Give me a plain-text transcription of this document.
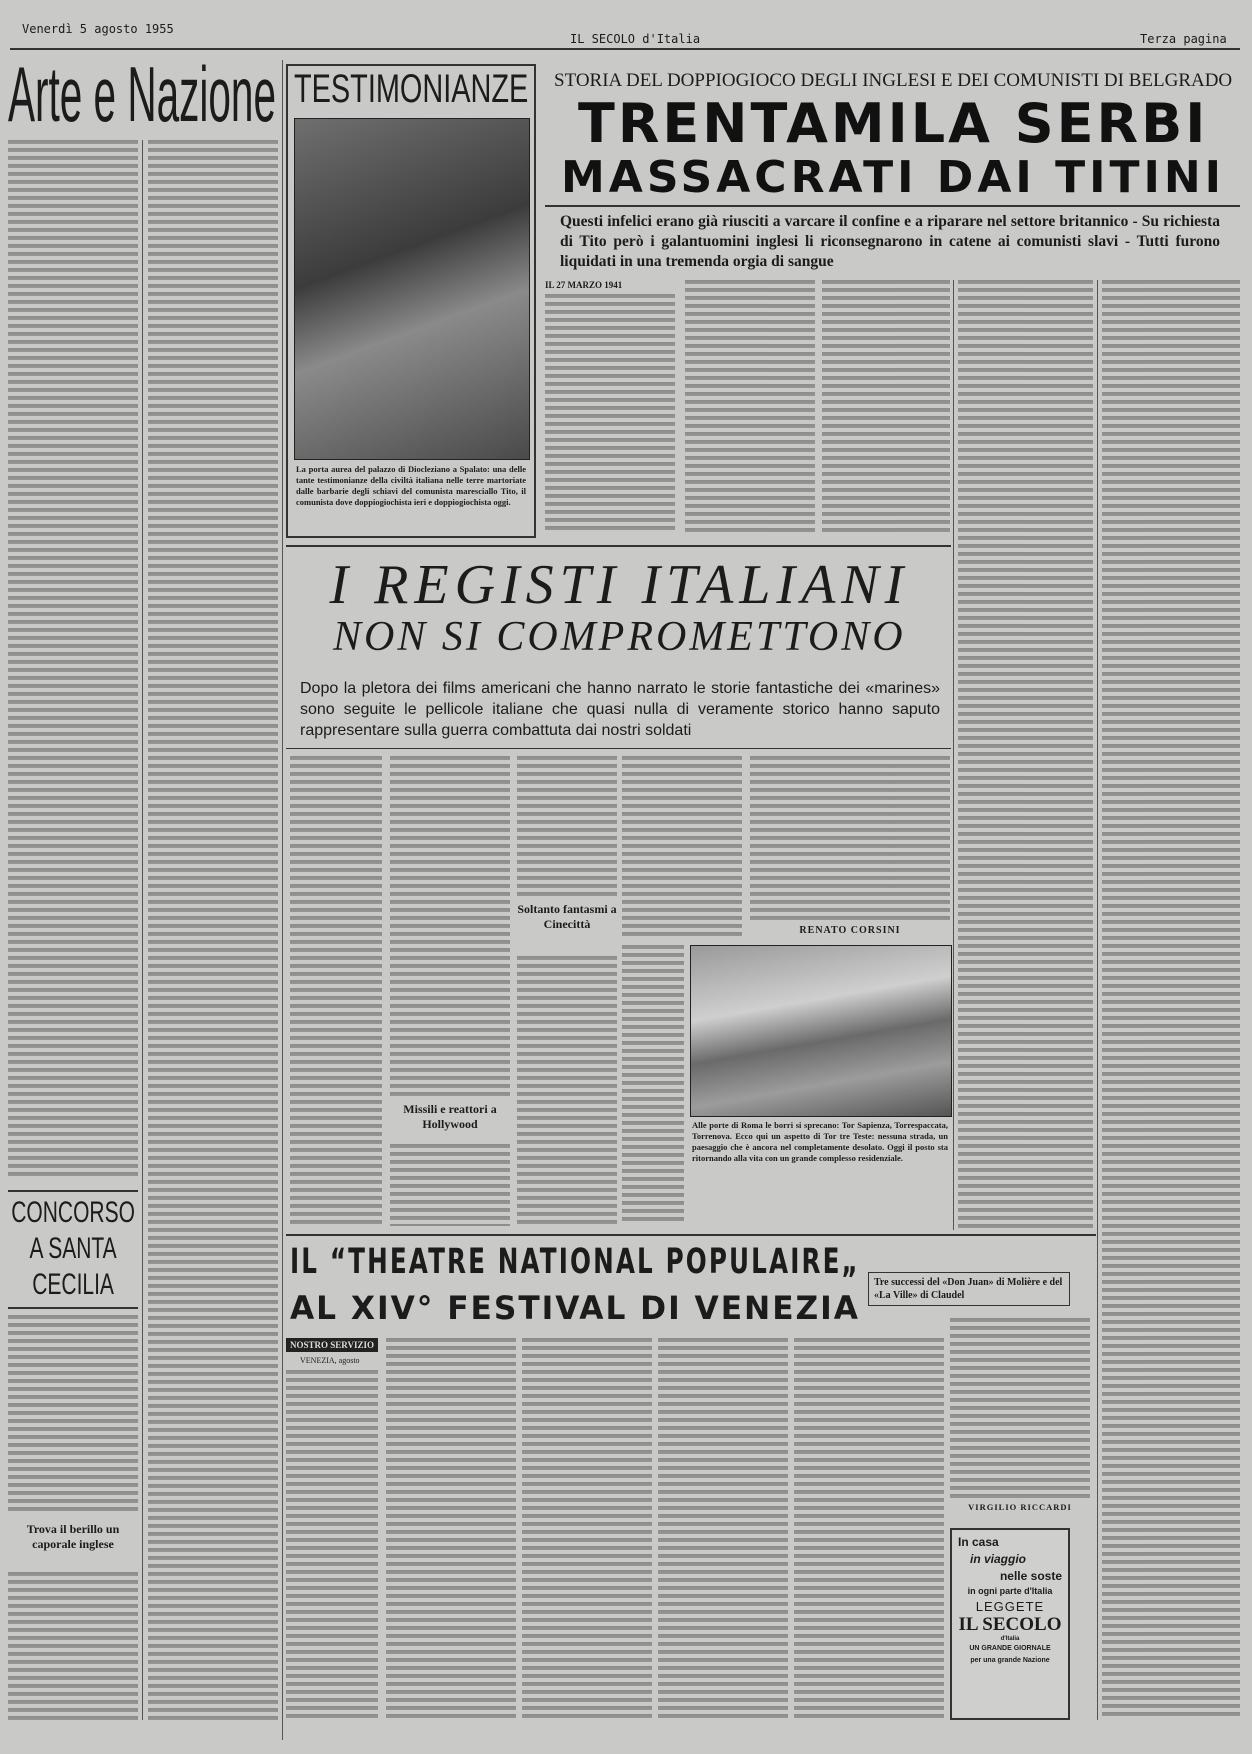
Venerdì 5 agosto 1955
IL SECOLO d'Italia	Terza pagina
Arte e Nazione
CONCORSO A SANTA CECILIA
Trova il berillo un caporale inglese
TESTIMONIANZE
La porta aurea del palazzo di Diocleziano a Spalato: una delle tante testimonianze della civiltà italiana nelle terre martoriate dalle barbarie degli schiavi del comunista maresciallo Tito, il comunista dove doppiogiochista ieri e doppiogiochista oggi.
STORIA DEL DOPPIOGIOCO DEGLI INGLESI E DEI COMUNISTI DI BELGRADO
TRENTAMILA SERBI
MASSACRATI DAI TITINI
Questi infelici erano già riusciti a varcare il confine e a riparare nel settore britannico - Su richiesta di Tito però i galantuomini inglesi li riconsegnarono in catene ai comunisti slavi - Tutti furono liquidati in una tremenda orgia di sangue
IL 27 MARZO 1941
I REGISTI ITALIANI
NON SI COMPROMETTONO
Dopo la pletora dei films americani che hanno narrato le storie fantastiche dei «marines» sono seguite le pellicole italiane che quasi nulla di veramente storico hanno saputo rappresentare sulla guerra combattuta dai nostri soldati
Missili e reattori a Hollywood
Soltanto fantasmi a Cinecittà	RENATO CORSINI
Alle porte di Roma le borri si sprecano: Tor Sapienza, Torrespaccata, Torrenova. Ecco qui un aspetto di Tor tre Teste: nessuna strada, un paesaggio che è ancora nel completamente desolato. Oggi il posto sta ritornando alla vita con un grande complesso residenziale.
IL “THEATRE NATIONAL POPULAIRE„
AL XIV° FESTIVAL DI VENEZIA
Tre successi del «Don Juan» di Molière e del «La Ville» di Claudel
NOSTRO SERVIZIO
VENEZIA, agosto
VIRGILIO RICCARDI
In casa
in viaggio
nelle soste
in ogni parte d'Italia
LEGGETE
IL SECOLO
d'Italia
UN GRANDE GIORNALE
per una grande Nazione
